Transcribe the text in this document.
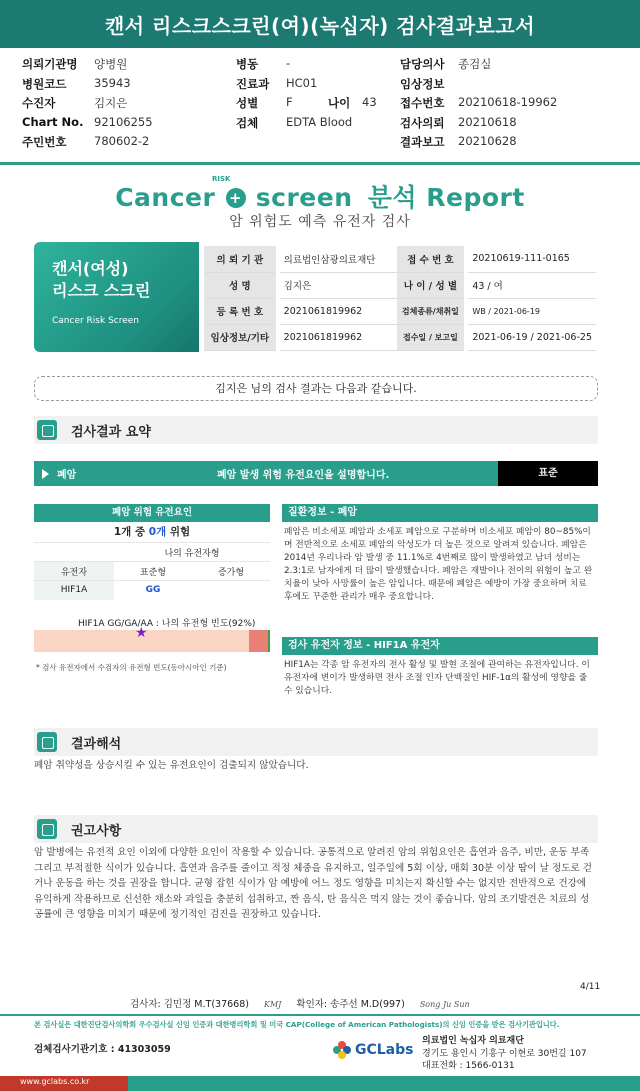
캔서 리스크스크린(여)(녹십자) 검사결과보고서
의뢰기관명 양병원	병동 -	담당의사 종검실
병원코드 35943	진료과 HC01	임상정보
수진자	김지은	성별 F	나이 43 접수번호 20210618-19962
Chart No. 92106255	검체 EDTA Blood	검사의뢰 20210618
주민번호 780602-2	결과보고 20210628
RISK
Cancer + screen 분석 Report
암 위험도 예측 유전자 검사
캔서(여성)
리스크 스크린
Cancer Risk Screen
의 뢰 기 관	의료법인삼광의료재단	접 수 번 호	20210619-111-0165
성 명	김지은	나 이 / 성 별	43 / 여
등 록 번 호	2021061819962	검체종류/채취일	WB / 2021-06-19
임상정보/기타	2021061819962	접수일 / 보고일	2021-06-19 / 2021-06-25
김지은 님의 검사 결과는 다음과 같습니다.
검사결과 요약
폐암	폐암 발생 위험 유전요인을 설명합니다.	표준
폐암 위험 유전요인
1개 중 0개 위험
	나의 유전자형	
유전자	표준형	증가형
HIF1A	GG	
HIF1A GG/GA/AA : 나의 유전형 빈도(92%)
★
* 검사 유전자에서 수검자의 유전형 빈도(동아시아인 기준)
질환정보 - 폐암
폐암은 비소세포 폐암과 소세포 폐암으로 구분하며 비소세포 폐암이 80~85%이며 전반적으로 소세포 폐암의 악성도가 더 높은 것으로 알려져 있습니다. 폐암은 2014년 우리나라 암 발생 중 11.1%로 4번째로 많이 발생하였고 남녀 성비는 2.3:1로 남자에게 더 많이 발생했습니다. 폐암은 재발이나 전이의 위험이 높고 완치율이 낮아 사망률이 높은 암입니다. 때문에 폐암은 예방이 가장 중요하며 치료 후에도 꾸준한 관리가 매우 중요합니다.
검사 유전자 정보 - HIF1A 유전자
HIF1A는 각종 암 유전자의 전사 활성 및 발현 조절에 관여하는 유전자입니다. 이 유전자에 변이가 발생하면 전사 조절 인자 단백질인 HIF-1α의 활성에 영향을 줄 수 있습니다.
결과해석
폐암 취약성을 상승시킬 수 있는 유전요인이 검출되지 않았습니다.
권고사항
암 발병에는 유전적 요인 이외에 다양한 요인이 작용할 수 있습니다. 공통적으로 알려진 암의 위험요인은 흡연과 음주, 비만, 운동 부족 그리고 부적절한 식이가 있습니다. 흡연과 음주를 줄이고 적정 체중을 유지하고, 일주일에 5회 이상, 매회 30분 이상 땀이 날 정도로 걷거나 운동을 하는 것을 권장을 합니다. 균형 잡힌 식이가 암 예방에 어느 정도 영향을 미치는지 확신할 수는 없지만 전반적으로 건강에 유익하게 작용하므로 신선한 채소와 과일을 충분히 섭취하고, 짠 음식, 탄 음식은 먹지 않는 것이 좋습니다. 암의 조기발견은 치료의 성공률에 큰 영향을 미치기 때문에 정기적인 검진을 권장하고 있습니다.
4/11
검사자: 김민정 M.T(37668) KMJ 확인자: 송주선 M.D(997) Song Ju Sun
본 검사실은 대한진단검사의학회 우수검사실 신임 인증과 대한병리학회 및 미국 CAP(College of American Pathologists)의 신임 인증을 받은 검사기관입니다.
검체검사기관기호 : 41303059	GCLabs
의료법인 녹십자 의료재단
경기도 용인시 기흥구 이현로 30번길 107
대표전화 : 1566-0131
www.gclabs.co.kr
